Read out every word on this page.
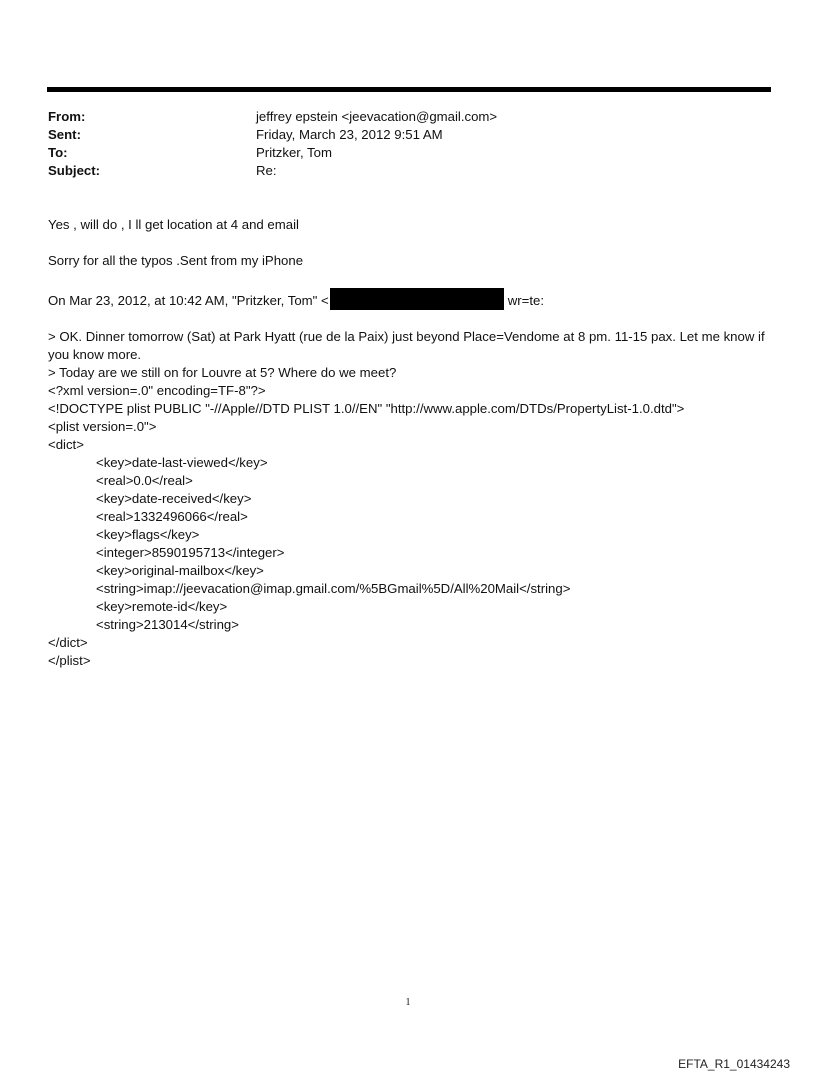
From:	jeffrey epstein <jeevacation@gmail.com>
Sent:	Friday, March 23, 2012 9:51 AM
To:	Pritzker, Tom
Subject:	Re:

Yes , will do , I ll get location at 4 and email

Sorry for all the typos .Sent from my iPhone

On Mar 23, 2012, at 10:42 AM, "Pritzker, Tom" <	wr=te:

> OK. Dinner tomorrow (Sat) at Park Hyatt (rue de la Paix) just beyond Place=Vendome at 8 pm. 11-15 pax. Let me know if you know more.

> Today are we still on for Louvre at 5? Where do we meet?

<?xml version=.0" encoding=TF-8"?>

<!DOCTYPE plist PUBLIC "-//Apple//DTD PLIST 1.0//EN" "http://www.apple.com/DTDs/PropertyList-1.0.dtd">

<plist version=.0">

<dict>

<key>date-last-viewed</key>

<real>0.0</real>

<key>date-received</key>

<real>1332496066</real>

<key>flags</key>

<integer>8590195713</integer>

<key>original-mailbox</key>

<string>imap://jeevacation@imap.gmail.com/%5BGmail%5D/All%20Mail</string>

<key>remote-id</key>

<string>213014</string>

</dict>

</plist>

1
EFTA_R1_01434243
